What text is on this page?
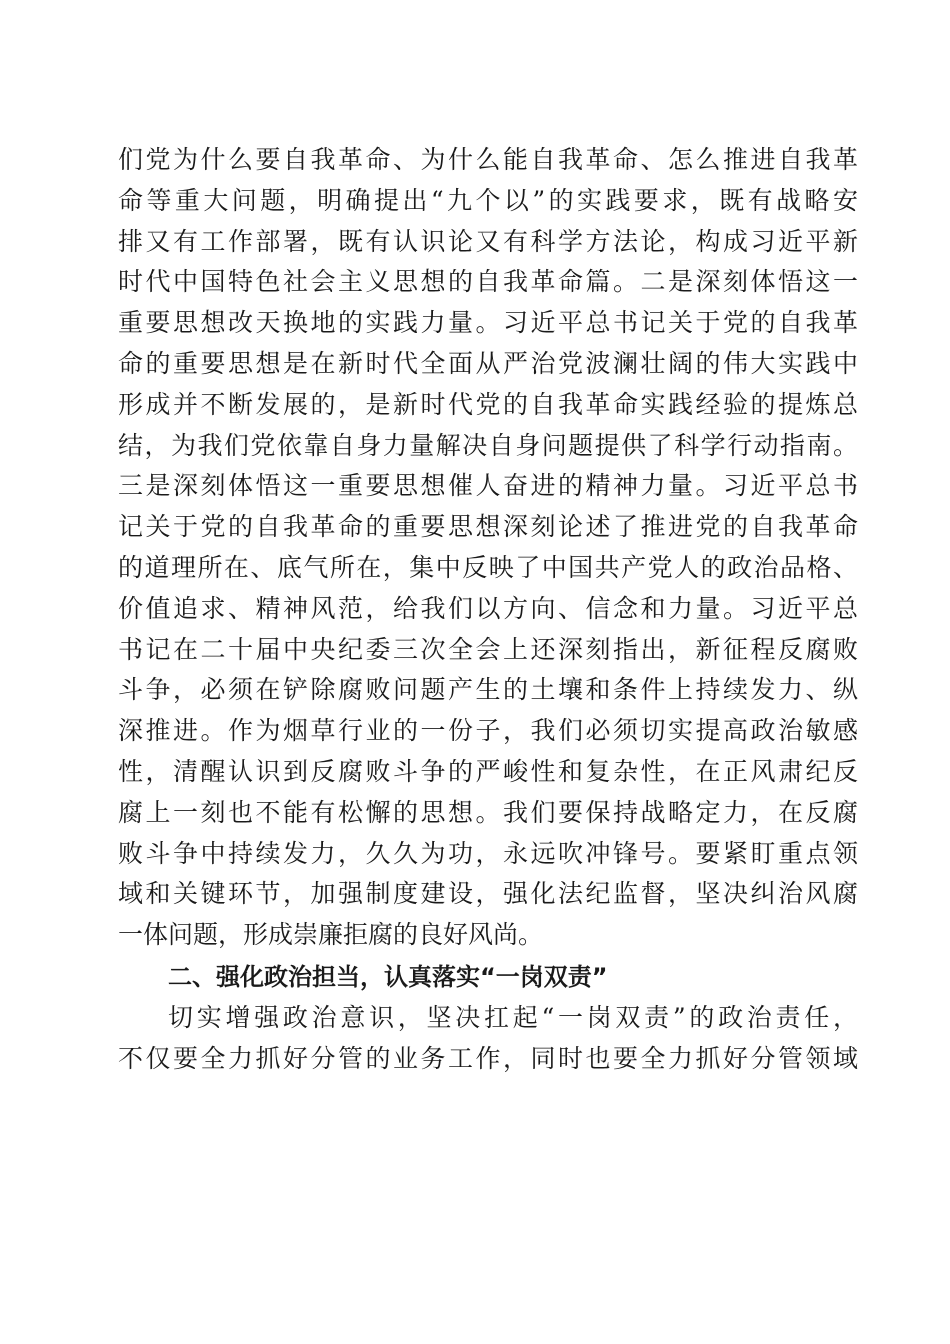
们党为什么要自我革命、为什么能自我革命、怎么推进自我革
命等重大问题，明确提出“九个以”的实践要求，既有战略安
排又有工作部署，既有认识论又有科学方法论，构成习近平新
时代中国特色社会主义思想的自我革命篇。二是深刻体悟这一
重要思想改天换地的实践力量。习近平总书记关于党的自我革
命的重要思想是在新时代全面从严治党波澜壮阔的伟大实践中
形成并不断发展的，是新时代党的自我革命实践经验的提炼总
结，为我们党依靠自身力量解决自身问题提供了科学行动指南。
三是深刻体悟这一重要思想催人奋进的精神力量。习近平总书
记关于党的自我革命的重要思想深刻论述了推进党的自我革命
的道理所在、底气所在，集中反映了中国共产党人的政治品格、
价值追求、精神风范，给我们以方向、信念和力量。习近平总
书记在二十届中央纪委三次全会上还深刻指出，新征程反腐败
斗争，必须在铲除腐败问题产生的土壤和条件上持续发力、纵
深推进。作为烟草行业的一份子，我们必须切实提高政治敏感
性，清醒认识到反腐败斗争的严峻性和复杂性，在正风肃纪反
腐上一刻也不能有松懈的思想。我们要保持战略定力，在反腐
败斗争中持续发力，久久为功，永远吹冲锋号。要紧盯重点领
域和关键环节，加强制度建设，强化法纪监督，坚决纠治风腐
一体问题，形成崇廉拒腐的良好风尚。
二、强化政治担当，认真落实“一岗双责”
切实增强政治意识，坚决扛起“一岗双责”的政治责任，
不仅要全力抓好分管的业务工作，同时也要全力抓好分管领域
